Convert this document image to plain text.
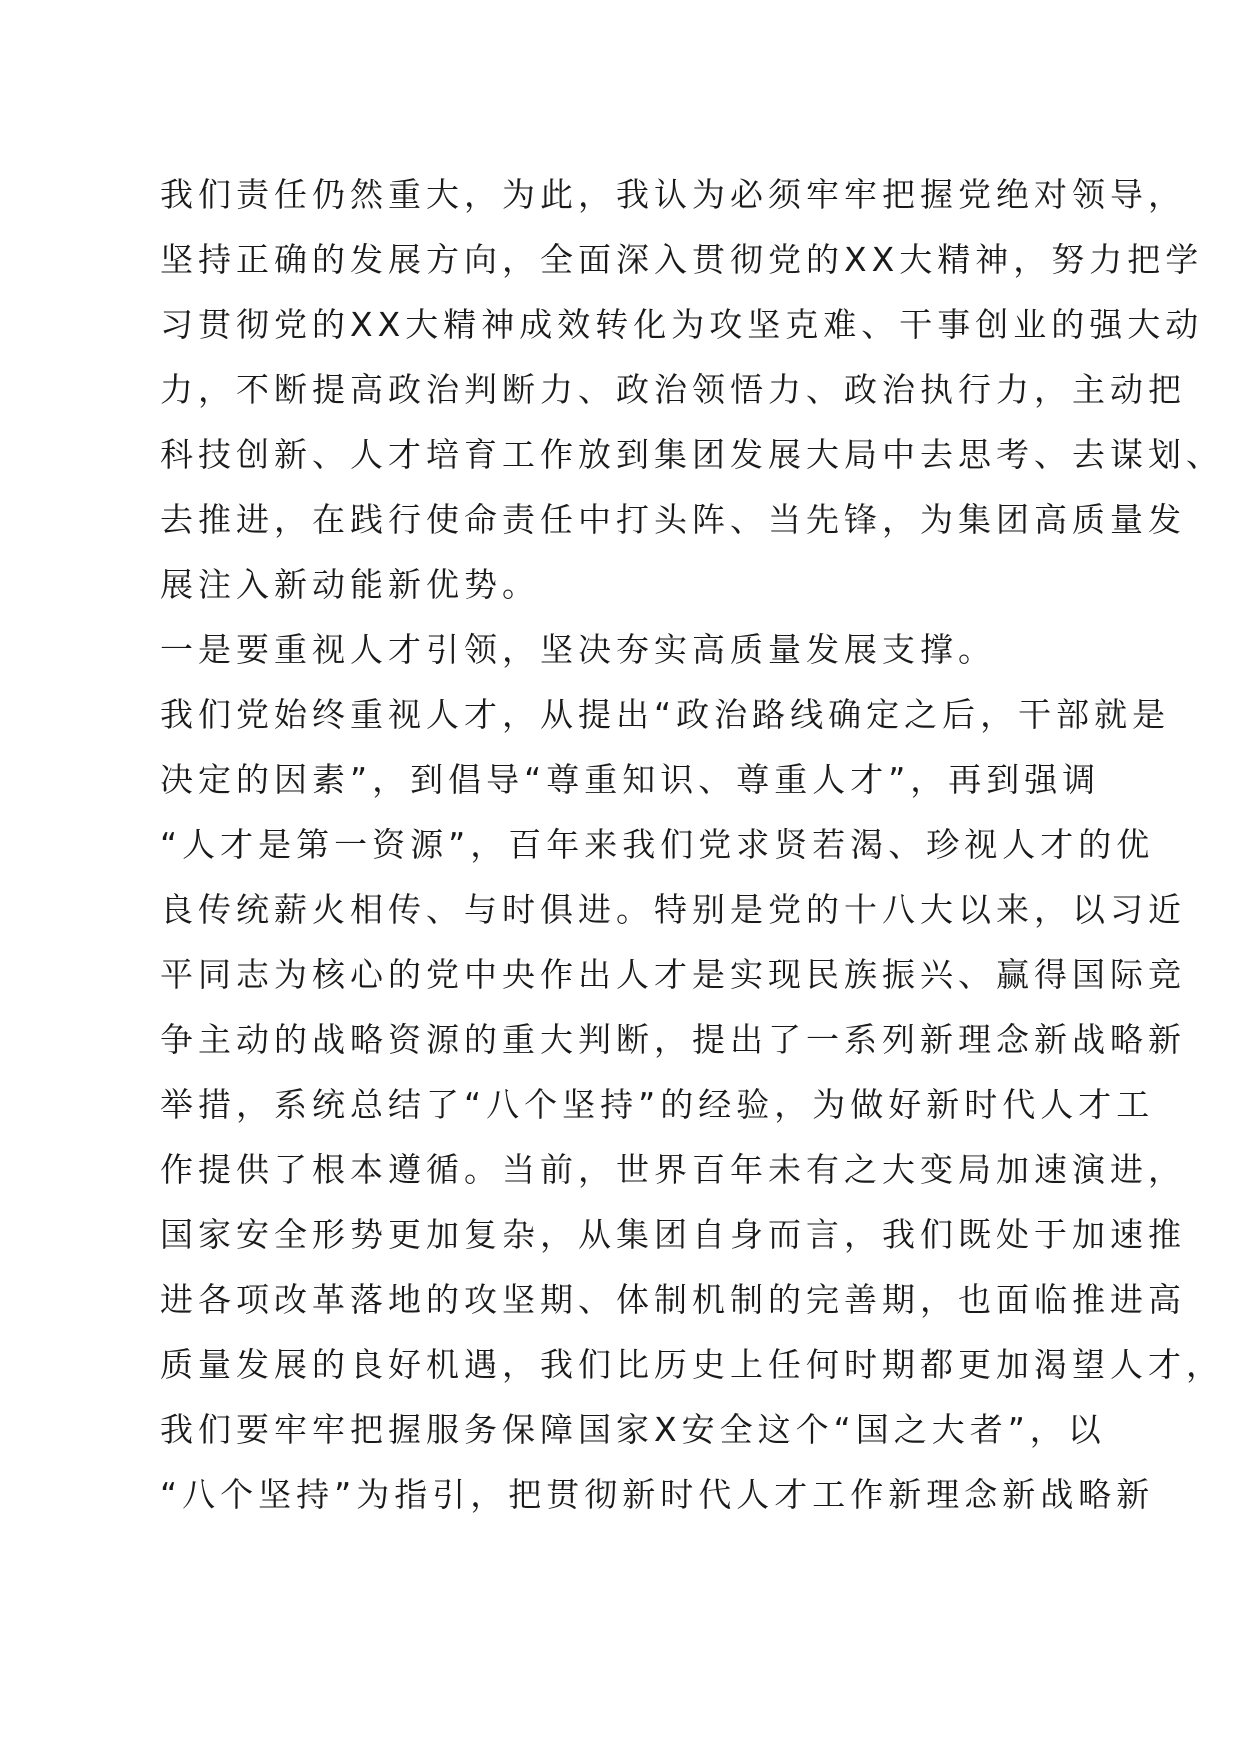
我们责任仍然重大，为此，我认为必须牢牢把握党绝对领导，

坚持正确的发展方向，全面深入贯彻党的XX大精神，努力把学

习贯彻党的XX大精神成效转化为攻坚克难、干事创业的强大动

力，不断提高政治判断力、政治领悟力、政治执行力，主动把

科技创新、人才培育工作放到集团发展大局中去思考、去谋划、

去推进，在践行使命责任中打头阵、当先锋，为集团高质量发

展注入新动能新优势。

一是要重视人才引领，坚决夯实高质量发展支撑。

我们党始终重视人才，从提出“政治路线确定之后，干部就是

决定的因素”，到倡导“尊重知识、尊重人才”，再到强调

“人才是第一资源”，百年来我们党求贤若渴、珍视人才的优

良传统薪火相传、与时俱进。特别是党的十八大以来，以习近

平同志为核心的党中央作出人才是实现民族振兴、赢得国际竞

争主动的战略资源的重大判断，提出了一系列新理念新战略新

举措，系统总结了“八个坚持”的经验，为做好新时代人才工

作提供了根本遵循。当前，世界百年未有之大变局加速演进，

国家安全形势更加复杂，从集团自身而言，我们既处于加速推

进各项改革落地的攻坚期、体制机制的完善期，也面临推进高

质量发展的良好机遇，我们比历史上任何时期都更加渴望人才，

我们要牢牢把握服务保障国家X安全这个“国之大者”，以

“八个坚持”为指引，把贯彻新时代人才工作新理念新战略新
